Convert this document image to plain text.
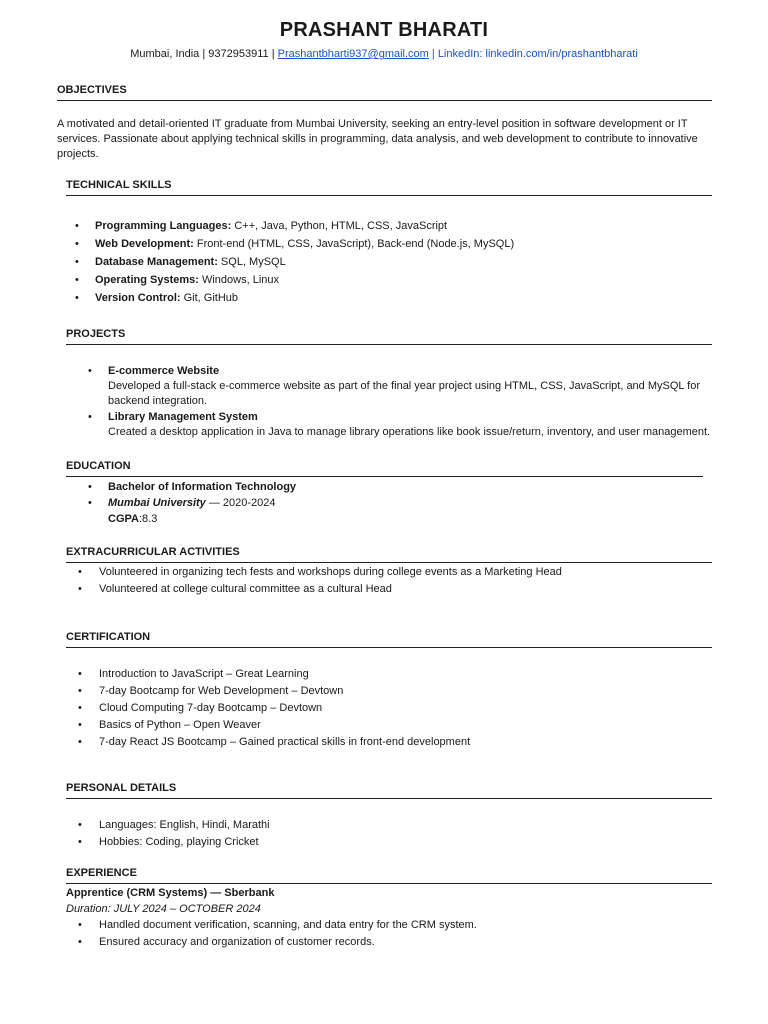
PRASHANT BHARATI
Mumbai, India | 9372953911 | Prashantbharti937@gmail.com | LinkedIn: linkedin.com/in/prashantbharati
OBJECTIVES

A motivated and detail-oriented IT graduate from Mumbai University, seeking an entry-level position in software development or IT services. Passionate about applying technical skills in programming, data analysis, and web development to contribute to innovative projects.

TECHNICAL SKILLS
• Programming Languages: C++, Java, Python, HTML, CSS, JavaScript
• Web Development: Front-end (HTML, CSS, JavaScript), Back-end (Node.js, MySQL)
• Database Management: SQL, MySQL
• Operating Systems: Windows, Linux
• Version Control: Git, GitHub
PROJECTS
• E-commerce Website

Developed a full-stack e-commerce website as part of the final year project using HTML, CSS, JavaScript, and MySQL for backend integration.

• Library Management System

Created a desktop application in Java to manage library operations like book issue/return, inventory, and user management.

EDUCATION
• Bachelor of Information Technology
• Mumbai University — 2020-2024
CGPA:8.3
EXTRACURRICULAR ACTIVITIES
• Volunteered in organizing tech fests and workshops during college events as a Marketing Head
• Volunteered at college cultural committee as a cultural Head
CERTIFICATION
• Introduction to JavaScript – Great Learning
• 7-day Bootcamp for Web Development – Devtown
• Cloud Computing 7-day Bootcamp – Devtown
• Basics of Python – Open Weaver
• 7-day React JS Bootcamp – Gained practical skills in front-end development
PERSONAL DETAILS
• Languages: English, Hindi, Marathi
• Hobbies: Coding, playing Cricket
EXPERIENCE

Apprentice (CRM Systems) — Sberbank

Duration: JULY 2024 – OCTOBER 2024

• Handled document verification, scanning, and data entry for the CRM system.
• Ensured accuracy and organization of customer records.
